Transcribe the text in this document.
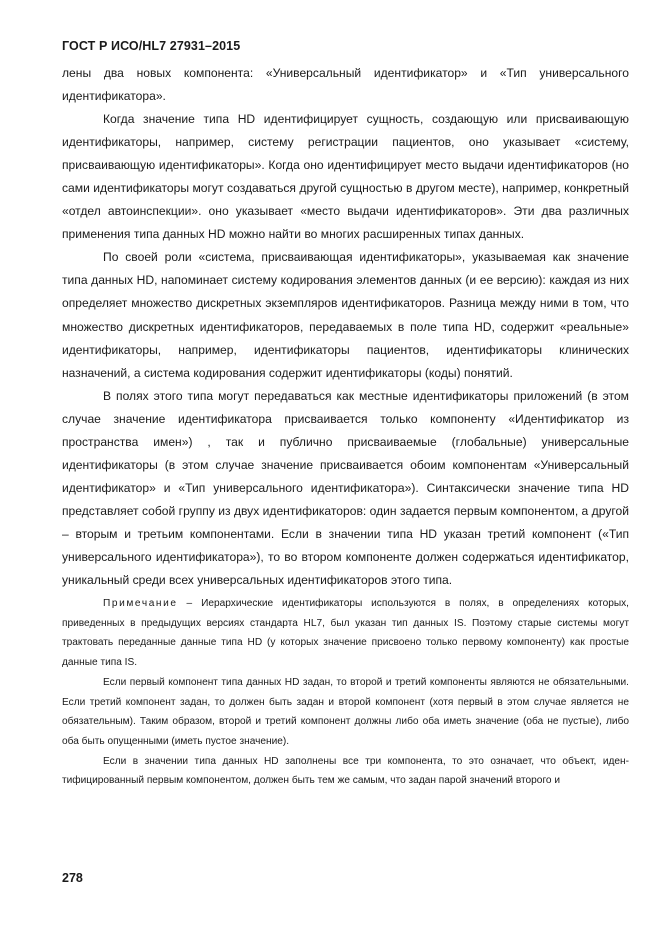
ГОСТ Р ИСО/HL7 27931–2015

лены два новых компонента: «Универсальный идентификатор» и «Тип универсального идентификатора».

Когда значение типа HD идентифицирует сущность, создающую или присваивающую идентификаторы, например, систему регистрации пациентов, оно указывает «систему, присваивающую идентификаторы». Когда оно идентифицирует место выдачи идентификаторов (но сами идентификаторы могут создаваться другой сущностью в другом месте), например, конкретный «отдел автоинспекции». оно указывает «место выдачи идентификаторов». Эти два различных применения типа данных HD можно найти во многих расширенных типах данных.

По своей роли «система, присваивающая идентификаторы», указываемая как значение типа данных HD, напоминает систему кодирования элементов данных (и ее версию): каждая из них определяет множество дискретных экземпляров идентификаторов. Разница между ними в том, что множество дискретных идентификаторов, передаваемых в поле типа HD, содержит «реальные» идентификаторы, например, идентификаторы пациентов, идентификаторы клинических назначений, а система кодирования содержит идентификаторы (коды) понятий.

В полях этого типа могут передаваться как местные идентификаторы приложений (в этом случае значение идентификатора присваивается только компоненту «Идентификатор из пространства имен») , так и публично присваиваемые (глобальные) универсальные идентификаторы (в этом случае значение присваивается обоим компонентам «Универсальный идентификатор» и «Тип универсального идентификатора»). Синтаксически значение типа HD представляет собой группу из двух идентификаторов: один задается первым компонентом, а другой – вторым и третьим компонентами. Если в значении типа HD указан третий компонент («Тип универсального идентификатора»), то во втором компоненте должен содержаться идентификатор, уникальный среди всех универсальных идентификаторов этого типа.

Примечание – Иерархические идентификаторы используются в полях, в определениях которых, приведенных в предыдущих версиях стандарта HL7, был указан тип данных IS. Поэтому старые системы могут трактовать переданные данные типа HD (у которых значение присвоено только первому компоненту) как простые данные типа IS.

Если первый компонент типа данных HD задан, то второй и третий компоненты являются не обязательными. Если третий компонент задан, то должен быть задан и второй компонент (хотя первый в этом случае является не обязательным). Таким образом, второй и третий компонент должны либо оба иметь значение (оба не пустые), либо оба быть опущенными (иметь пустое значение).

Если в значении типа данных HD заполнены все три компонента, то это означает, что объект, идентифицированный первым компонентом, должен быть тем же самым, что задан парой значений второго и

278
